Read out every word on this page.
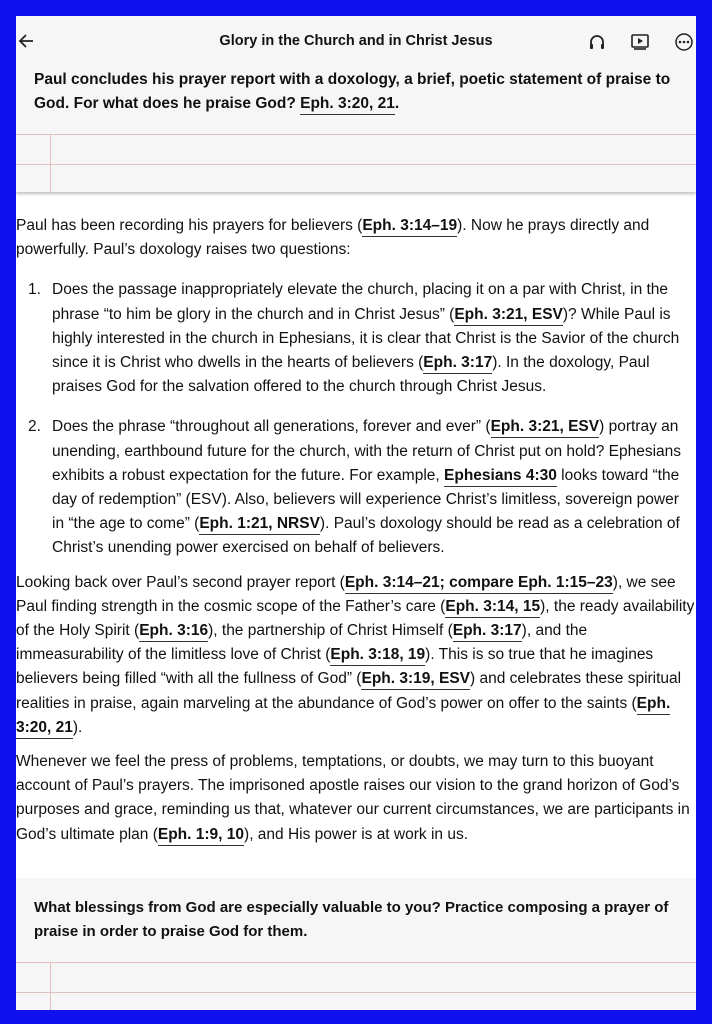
Glory in the Church and in Christ Jesus
Paul concludes his prayer report with a doxology, a brief, poetic statement of praise to God. For what does he praise God? Eph. 3:20, 21.

Paul has been recording his prayers for believers (Eph. 3:14–19). Now he prays directly and powerfully. Paul’s doxology raises two questions:

1. Does the passage inappropriately elevate the church, placing it on a par with Christ, in the phrase “to him be glory in the church and in Christ Jesus” (Eph. 3:21, ESV)? While Paul is highly interested in the church in Ephesians, it is clear that Christ is the Savior of the church since it is Christ who dwells in the hearts of believers (Eph. 3:17). In the doxology, Paul praises God for the salvation offered to the church through Christ Jesus.
2. Does the phrase “throughout all generations, forever and ever” (Eph. 3:21, ESV) portray an unending, earthbound future for the church, with the return of Christ put on hold? Ephesians exhibits a robust expectation for the future. For example, Ephesians 4:30 looks toward “the day of redemption” (ESV). Also, believers will experience Christ’s limitless, sovereign power in “the age to come” (Eph. 1:21, NRSV). Paul’s doxology should be read as a celebration of Christ’s unending power exercised on behalf of believers.

Looking back over Paul’s second prayer report (Eph. 3:14–21; compare Eph. 1:15–23), we see Paul finding strength in the cosmic scope of the Father’s care (Eph. 3:14, 15), the ready availability of the Holy Spirit (Eph. 3:16), the partnership of Christ Himself (Eph. 3:17), and the immeasurability of the limitless love of Christ (Eph. 3:18, 19). This is so true that he imagines believers being filled “with all the fullness of God” (Eph. 3:19, ESV) and celebrates these spiritual realities in praise, again marveling at the abundance of God’s power on offer to the saints (Eph. 3:20, 21).

Whenever we feel the press of problems, temptations, or doubts, we may turn to this buoyant account of Paul’s prayers. The imprisoned apostle raises our vision to the grand horizon of God’s purposes and grace, reminding us that, whatever our current circumstances, we are participants in God’s ultimate plan (Eph. 1:9, 10), and His power is at work in us.

What blessings from God are especially valuable to you? Practice composing a prayer of praise in order to praise God for them.
